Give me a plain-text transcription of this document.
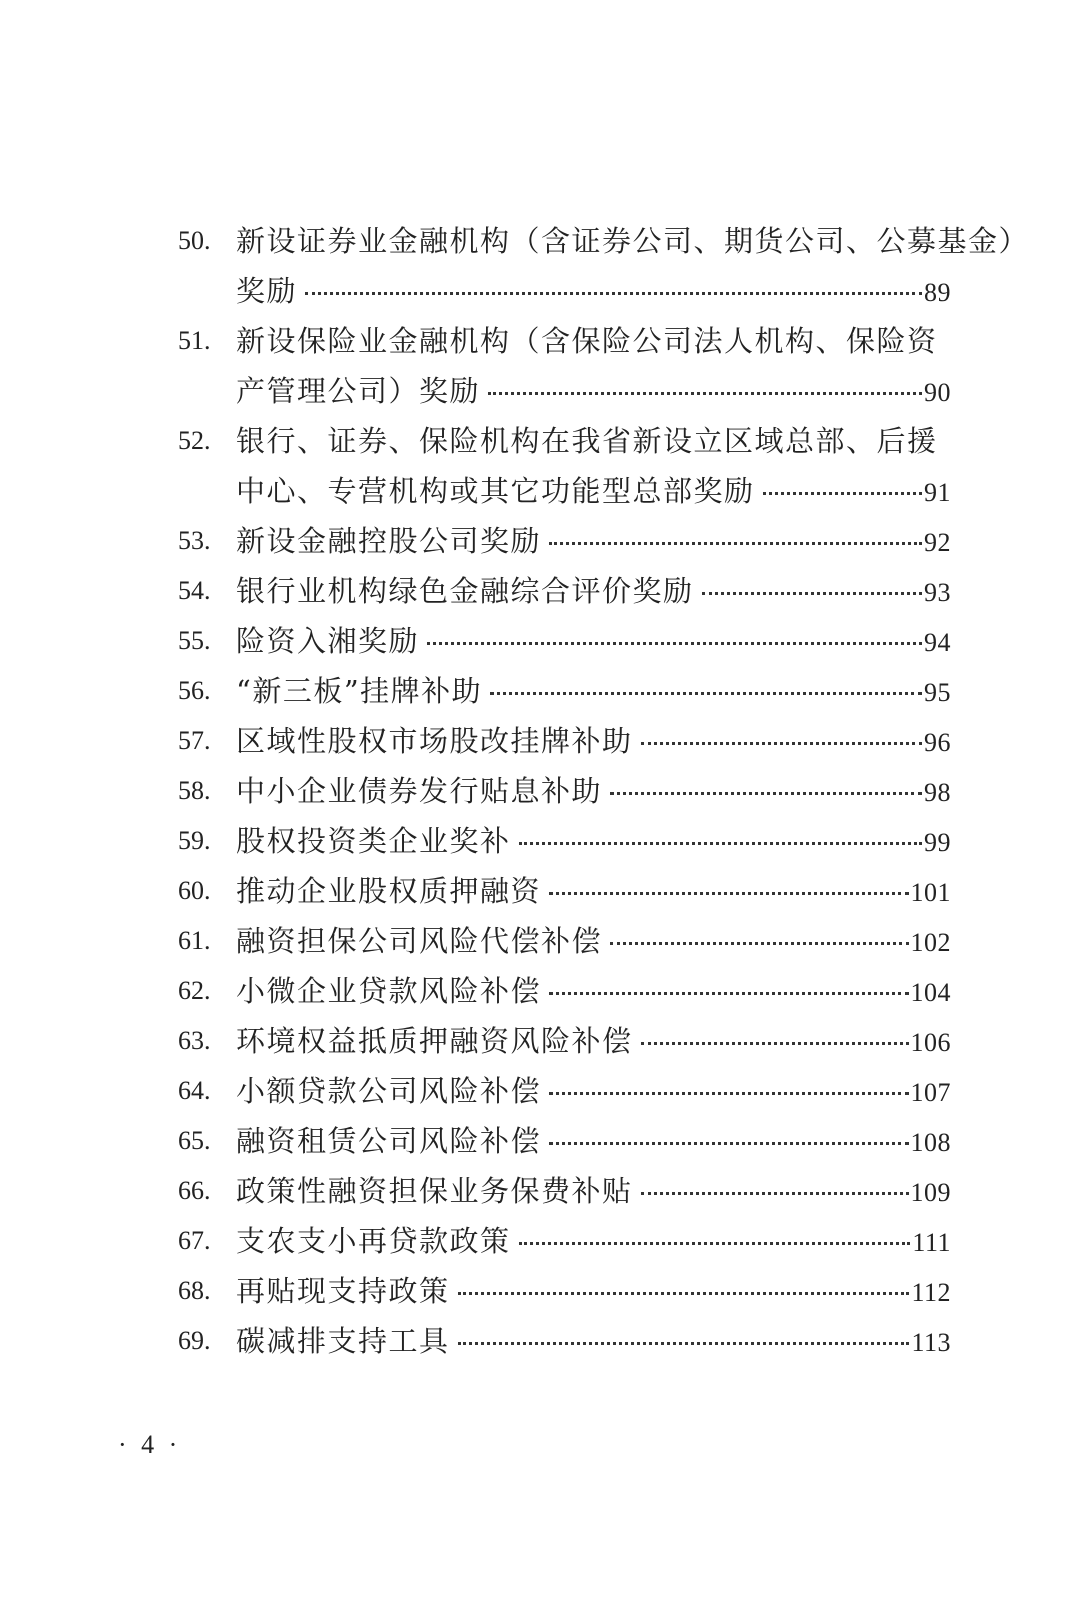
50. 新设证券业金融机构（含证券公司、期货公司、公募基金）
奖励	89
51. 新设保险业金融机构（含保险公司法人机构、保险资
产管理公司）奖励	90
52. 银行、证券、保险机构在我省新设立区域总部、后援
中心、专营机构或其它功能型总部奖励	91
53. 新设金融控股公司奖励	92
54. 银行业机构绿色金融综合评价奖励	93
55. 险资入湘奖励	94
56. “新三板”挂牌补助	95
57. 区域性股权市场股改挂牌补助	96
58. 中小企业债券发行贴息补助	98
59. 股权投资类企业奖补	99
60. 推动企业股权质押融资	101
61. 融资担保公司风险代偿补偿	102
62. 小微企业贷款风险补偿	104
63. 环境权益抵质押融资风险补偿	106
64. 小额贷款公司风险补偿	107
65. 融资租赁公司风险补偿	108
66. 政策性融资担保业务保费补贴	109
67. 支农支小再贷款政策	111
68. 再贴现支持政策	112
69. 碳减排支持工具	113
· 4 ·
